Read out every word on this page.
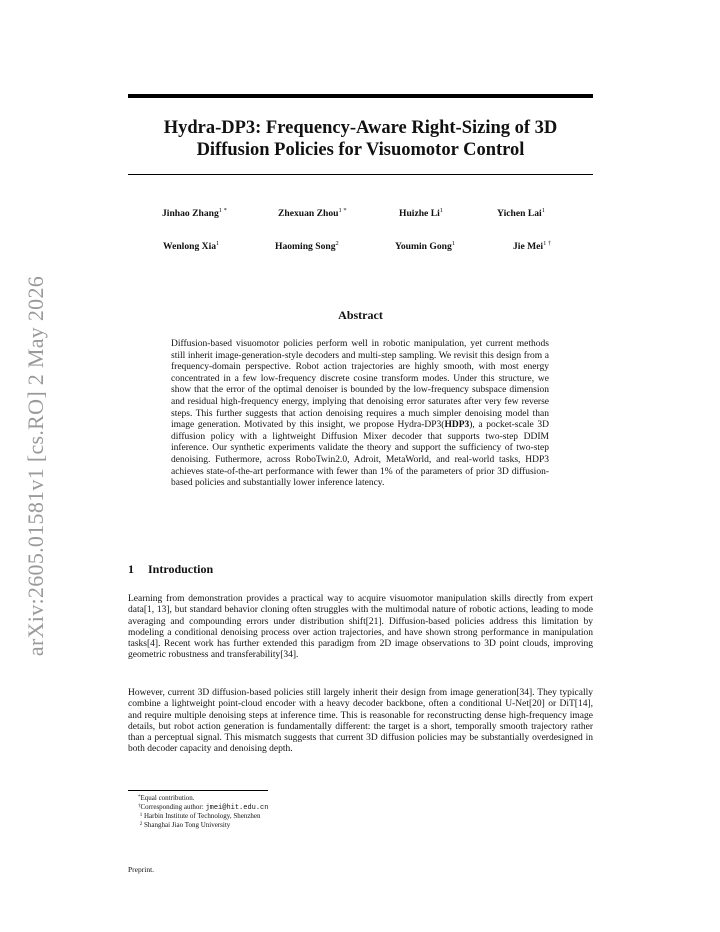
arXiv:2605.01581v1 [cs.RO] 2 May 2026
Hydra-DP3: Frequency-Aware Right-Sizing of 3D
Diffusion Policies for Visuomotor Control
Jinhao Zhang$^{1 *}$	Zhexuan Zhou$^{1 *}$	Huizhe Li$^1$	Yichen Lai$^1$
Wenlong Xia$^1$	Haoming Song$^2$	Youmin Gong$^1$	Jie Mei$^{1 \dagger}$
Abstract
Diffusion-based visuomotor policies perform well in robotic manipulation, yet current methods still inherit image-generation-style decoders and multi-step sampling. We revisit this design from a frequency-domain perspective. Robot action trajectories are highly smooth, with most energy concentrated in a few low-frequency discrete cosine transform modes. Under this structure, we show that the error of the optimal denoiser is bounded by the low-frequency subspace dimension and residual high-frequency energy, implying that denoising error saturates after very few reverse steps. This further suggests that action denoising requires a much simpler denoising model than image generation. Motivated by this insight, we propose Hydra-DP3(HDP3), a pocket-scale 3D diffusion policy with a lightweight Diffusion Mixer decoder that supports two-step DDIM inference. Our synthetic experiments validate the theory and support the sufficiency of two-step denoising. Futhermore, across RoboTwin2.0, Adroit, MetaWorld, and real-world tasks, HDP3 achieves state-of-the-art performance with fewer than 1% of the parameters of prior 3D diffusion-based policies and substantially lower inference latency.
1 Introduction
Learning from demonstration provides a practical way to acquire visuomotor manipulation skills directly from expert data[1, 13], but standard behavior cloning often struggles with the multimodal nature of robotic actions, leading to mode averaging and compounding errors under distribution shift[21]. Diffusion-based policies address this limitation by modeling a conditional denoising process over action trajectories, and have shown strong performance in manipulation tasks[4]. Recent work has further extended this paradigm from 2D image observations to 3D point clouds, improving geometric robustness and transferability[34].
However, current 3D diffusion-based policies still largely inherit their design from image generation[34]. They typically combine a lightweight point-cloud encoder with a heavy decoder backbone, often a conditional U-Net[20] or DiT[14], and require multiple denoising steps at inference time. This is reasonable for reconstructing dense high-frequency image details, but robot action generation is fundamentally different: the target is a short, temporally smooth trajectory rather than a perceptual signal. This mismatch suggests that current 3D diffusion policies may be substantially overdesigned in both decoder capacity and denoising depth.
*Equal contribution.
†Corresponding author: jmei@hit.edu.cn
$^1$ Harbin Institute of Technology, Shenzhen
$^2$ Shanghai Jiao Tong University
Preprint.
